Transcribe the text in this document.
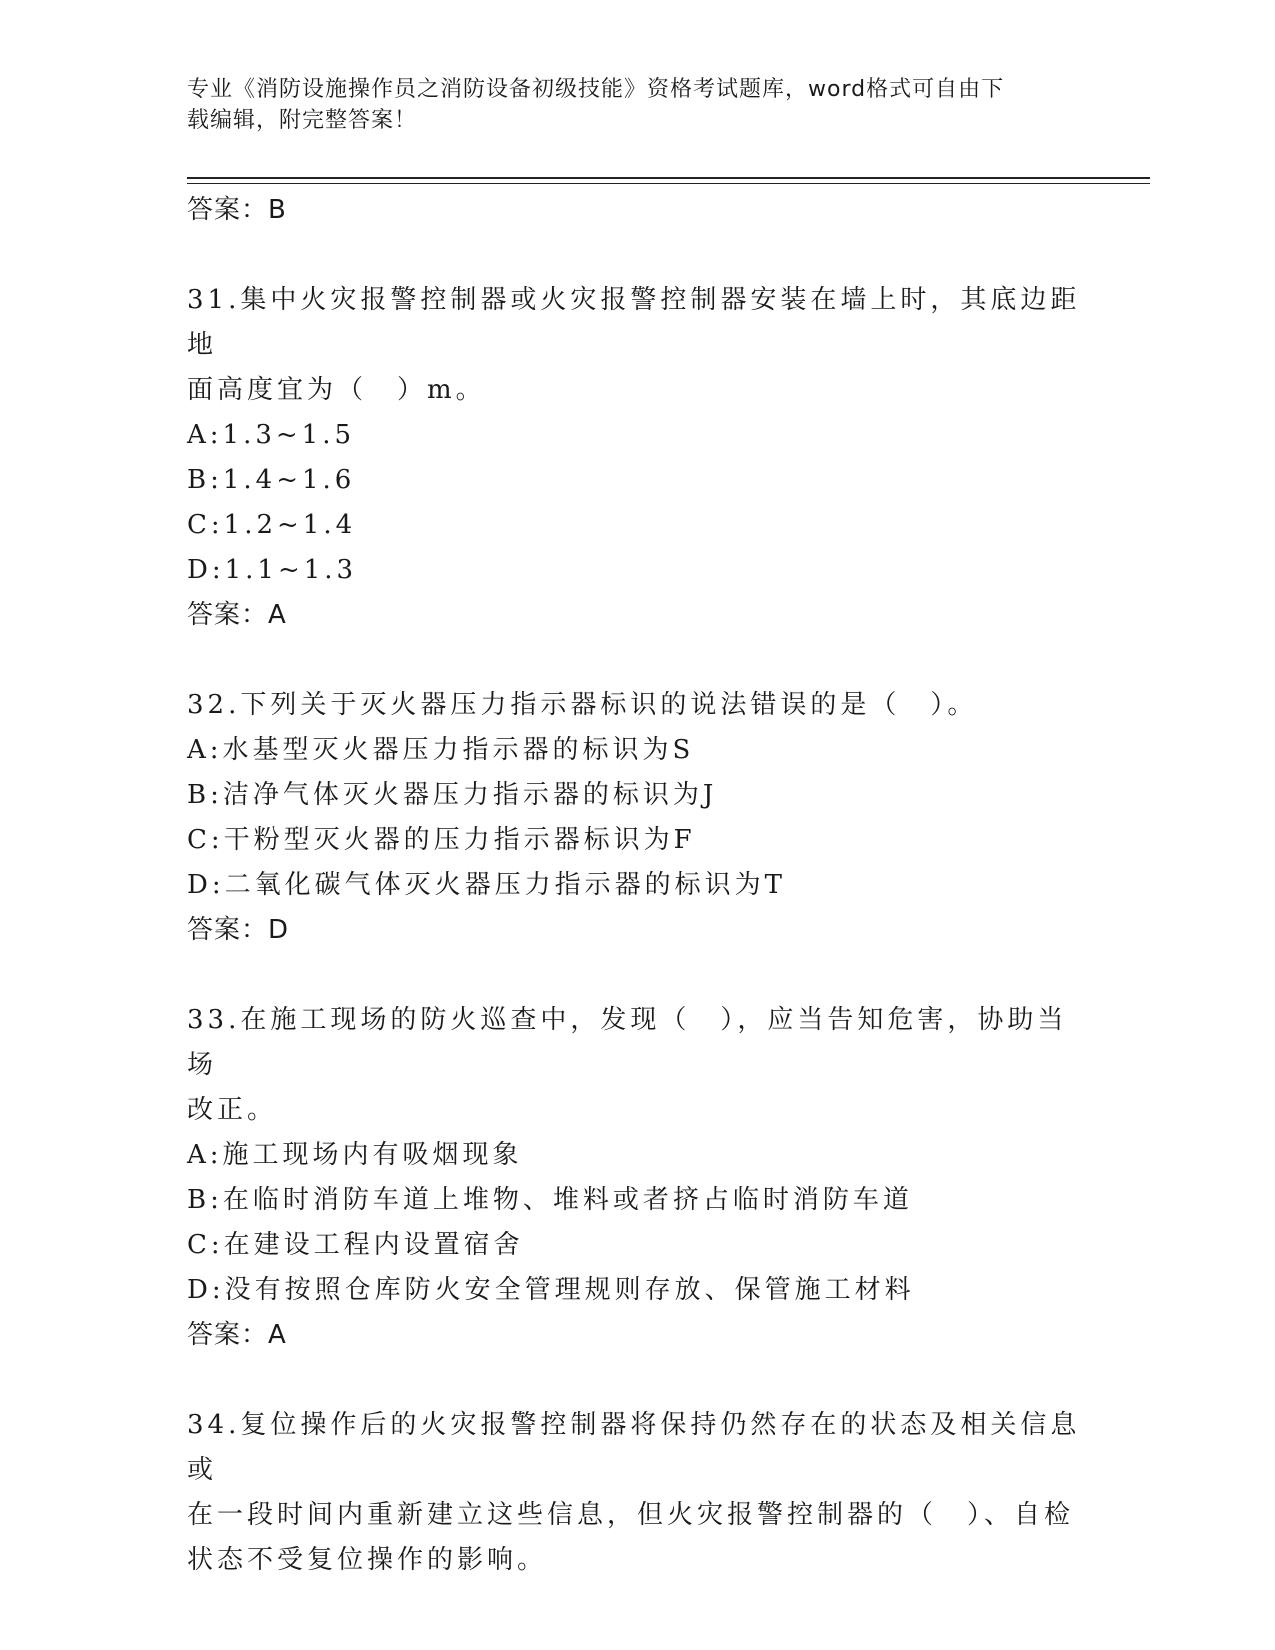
专业《消防设施操作员之消防设备初级技能》资格考试题库，word格式可自由下
载编辑，附完整答案！
答案：B
31.集中火灾报警控制器或火灾报警控制器安装在墙上时，其底边距地
面高度宜为（　）m。
A:1.3~1.5
B:1.4~1.6
C:1.2~1.4
D:1.1~1.3
答案：A
32.下列关于灭火器压力指示器标识的说法错误的是（　）。
A:水基型灭火器压力指示器的标识为S
B:洁净气体灭火器压力指示器的标识为J
C:干粉型灭火器的压力指示器标识为F
D:二氧化碳气体灭火器压力指示器的标识为T
答案：D
33.在施工现场的防火巡查中，发现（　），应当告知危害，协助当场
改正。
A:施工现场内有吸烟现象
B:在临时消防车道上堆物、堆料或者挤占临时消防车道
C:在建设工程内设置宿舍
D:没有按照仓库防火安全管理规则存放、保管施工材料
答案：A
34.复位操作后的火灾报警控制器将保持仍然存在的状态及相关信息或
在一段时间内重新建立这些信息，但火灾报警控制器的（　）、自检
状态不受复位操作的影响。
